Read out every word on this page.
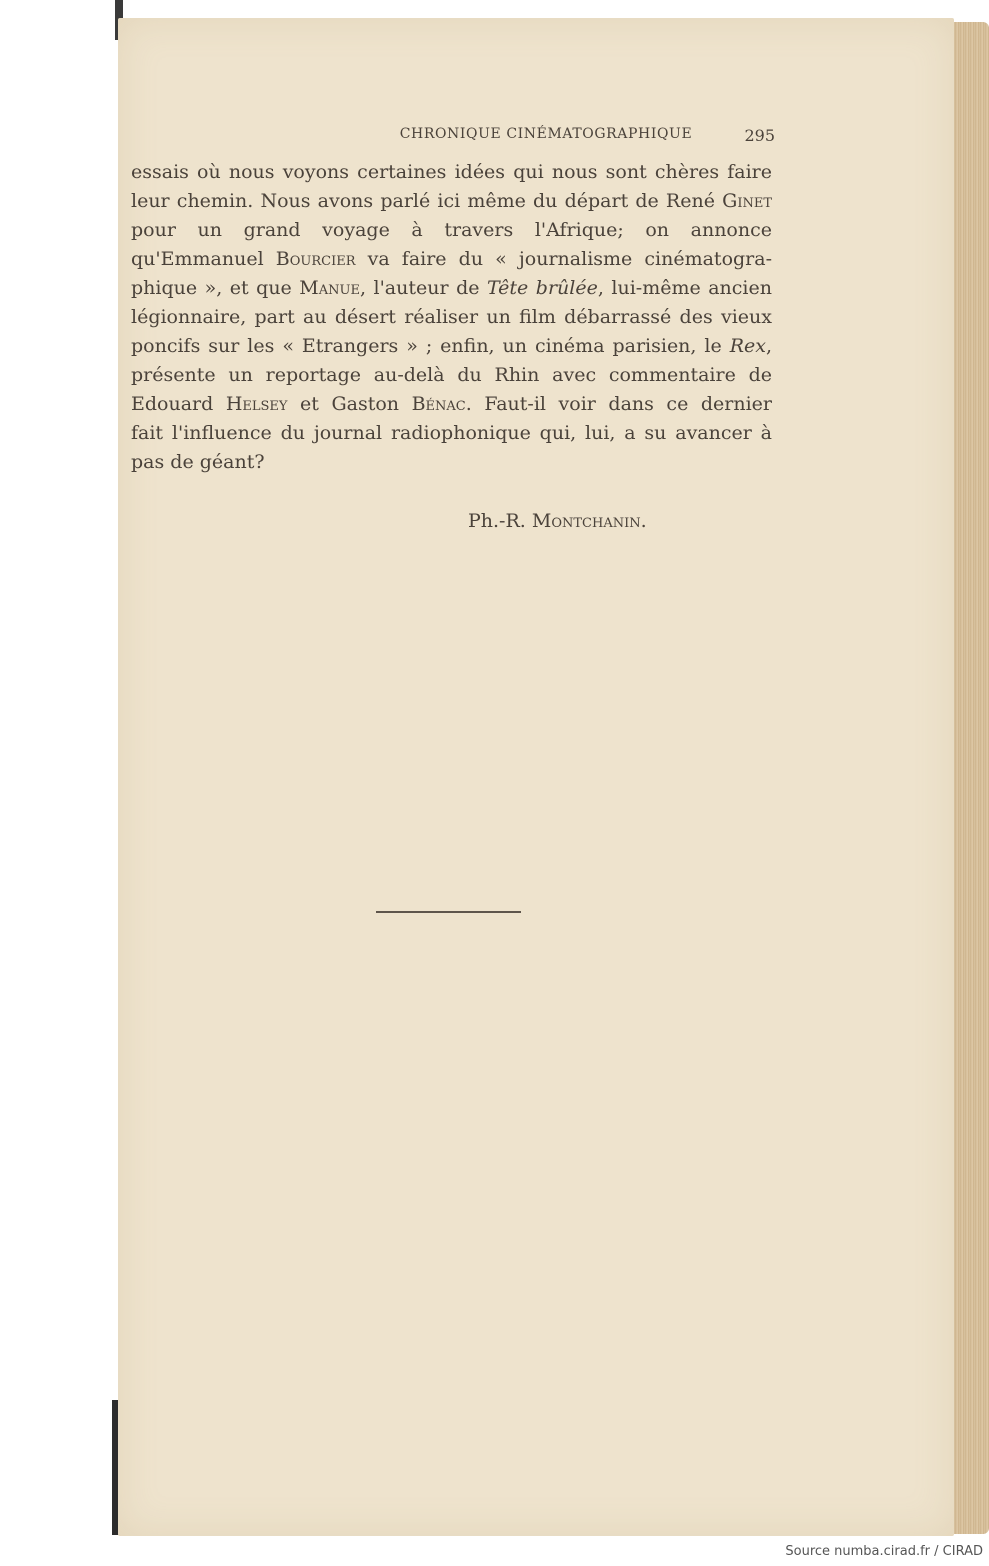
CHRONIQUE CINÉMATOGRAPHIQUE	295
essais où nous voyons certaines idées qui nous sont chères faire
leur chemin. Nous avons parlé ici même du départ de René Ginet
pour un grand voyage à travers l'Afrique; on annonce
qu'Emmanuel Bourcier va faire du « journalisme cinématogra-
phique », et que Manue, l'auteur de Tête brûlée, lui-même ancien
légionnaire, part au désert réaliser un film débarrassé des vieux
poncifs sur les « Etrangers » ; enfin, un cinéma parisien, le Rex,
présente un reportage au-delà du Rhin avec commentaire de
Edouard Helsey et Gaston Bénac. Faut-il voir dans ce dernier
fait l'influence du journal radiophonique qui, lui, a su avancer à
pas de géant?
Ph.-R. Montchanin.
Source numba.cirad.fr / CIRAD
